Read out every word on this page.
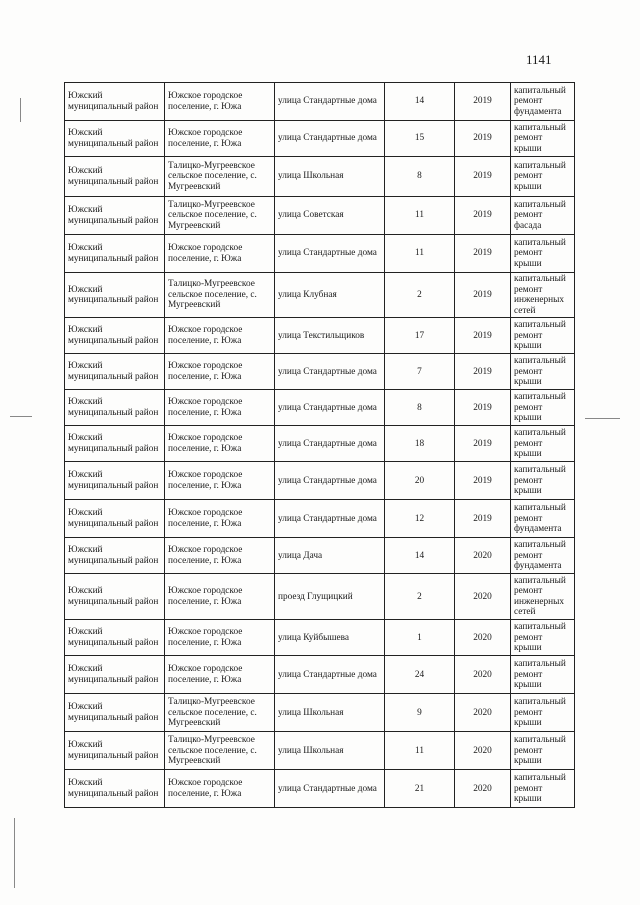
1141
Южский муниципальный район	Южское городское поселение, г. Южа	улица Стандартные дома	14	2019	капитальный ремонт фундамента
Южский муниципальный район	Южское городское поселение, г. Южа	улица Стандартные дома	15	2019	капитальный ремонт крыши
Южский муниципальный район	Талицко-Мугреевское сельское поселение, с. Мугреевский	улица Школьная	8	2019	капитальный ремонт крыши
Южский муниципальный район	Талицко-Мугреевское сельское поселение, с. Мугреевский	улица Советская	11	2019	капитальный ремонт фасада
Южский муниципальный район	Южское городское поселение, г. Южа	улица Стандартные дома	11	2019	капитальный ремонт крыши
Южский муниципальный район	Талицко-Мугреевское сельское поселение, с. Мугреевский	улица Клубная	2	2019	капитальный ремонт инженерных сетей
Южский муниципальный район	Южское городское поселение, г. Южа	улица Текстильщиков	17	2019	капитальный ремонт крыши
Южский муниципальный район	Южское городское поселение, г. Южа	улица Стандартные дома	7	2019	капитальный ремонт крыши
Южский муниципальный район	Южское городское поселение, г. Южа	улица Стандартные дома	8	2019	капитальный ремонт крыши
Южский муниципальный район	Южское городское поселение, г. Южа	улица Стандартные дома	18	2019	капитальный ремонт крыши
Южский муниципальный район	Южское городское поселение, г. Южа	улица Стандартные дома	20	2019	капитальный ремонт крыши
Южский муниципальный район	Южское городское поселение, г. Южа	улица Стандартные дома	12	2019	капитальный ремонт фундамента
Южский муниципальный район	Южское городское поселение, г. Южа	улица Дача	14	2020	капитальный ремонт фундамента
Южский муниципальный район	Южское городское поселение, г. Южа	проезд Глущицкий	2	2020	капитальный ремонт инженерных сетей
Южский муниципальный район	Южское городское поселение, г. Южа	улица Куйбышева	1	2020	капитальный ремонт крыши
Южский муниципальный район	Южское городское поселение, г. Южа	улица Стандартные дома	24	2020	капитальный ремонт крыши
Южский муниципальный район	Талицко-Мугреевское сельское поселение, с. Мугреевский	улица Школьная	9	2020	капитальный ремонт крыши
Южский муниципальный район	Талицко-Мугреевское сельское поселение, с. Мугреевский	улица Школьная	11	2020	капитальный ремонт крыши
Южский муниципальный район	Южское городское поселение, г. Южа	улица Стандартные дома	21	2020	капитальный ремонт крыши
